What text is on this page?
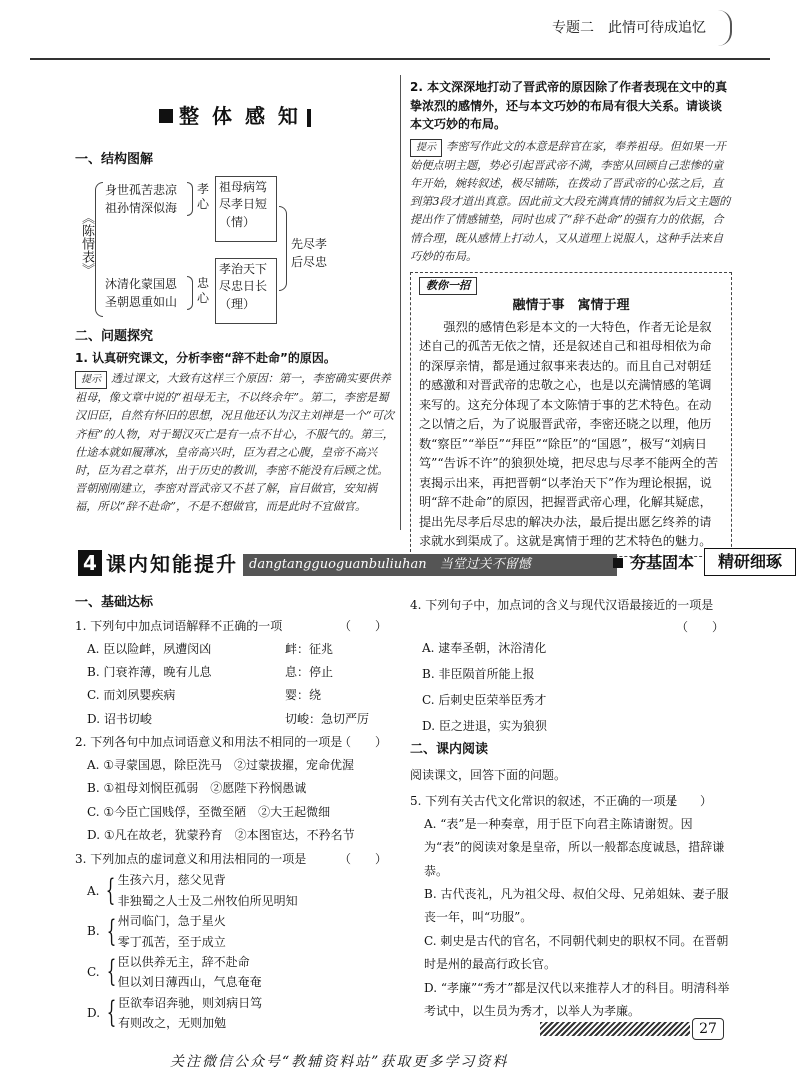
专题二　此情可待成追忆
整 体 感 知
一、结构图解
《陈情表》
身世孤苦悲凉
祖孙情深似海
孝心
祖母病笃
尽孝日短
（情）
沐清化蒙国恩
圣朝恩重如山
忠心
孝治天下
尽忠日长
（理）
先尽孝
后尽忠
二、问题探究
1. 认真研究课文，分析李密“辞不赴命”的原因。
提示 透过课文，大致有这样三个原因：第一，李密确实要供养祖母，像文章中说的“祖母无主，不以终余年”。第二，李密是蜀汉旧臣，自然有怀旧的思想，况且他还认为汉主刘禅是一个“可次齐桓”的人物，对于蜀汉灭亡是有一点不甘心，不服气的。第三，仕途本就如履薄冰，皇帝高兴时，臣为君之心腹，皇帝不高兴时，臣为君之草芥，出于历史的教训，李密不能没有后顾之忧。晋朝刚刚建立，李密对晋武帝又不甚了解，盲目做官，安知祸福，所以“辞不赴命”，不是不想做官，而是此时不宜做官。
2. 本文深深地打动了晋武帝的原因除了作者表现在文中的真挚浓烈的感情外，还与本文巧妙的布局有很大关系。请谈谈本文巧妙的布局。
提示 李密写作此文的本意是辞官在家，奉养祖母。但如果一开始便点明主题，势必引起晋武帝不满，李密从回顾自己悲惨的童年开始，婉转叙述，极尽铺陈，在拨动了晋武帝的心弦之后，直到第3段才道出真意。因此前文大段充满真情的铺叙为后文主题的提出作了情感铺垫，同时也成了“辞不赴命”的强有力的依据，合情合理，既从感情上打动人，又从道理上说服人，这种手法来自巧妙的布局。
教你一招
融情于事　寓情于理

强烈的感情色彩是本文的一大特色，作者无论是叙述自己的孤苦无依之情，还是叙述自己和祖母相依为命的深厚亲情，都是通过叙事来表达的。而且自己对朝廷的感激和对晋武帝的忠敬之心，也是以充满情感的笔调来写的。这充分体现了本文陈情于事的艺术特色。在动之以情之后，为了说服晋武帝，李密还晓之以理，他历数“察臣”“举臣”“拜臣”“除臣”的“国恩”，极写“刘病日笃”“告诉不许”的狼狈处境，把尽忠与尽孝不能两全的苦衷揭示出来，再把晋朝“以孝治天下”作为理论根据，说明“辞不赴命”的原因，把握晋武帝心理，化解其疑虑，提出先尽孝后尽忠的解决办法，最后提出愿乞终养的请求就水到渠成了。这就是寓情于理的艺术特色的魅力。

4 课内知能提升 dangtangguoguanbuliuhan　 当堂过关不留憾	夯基固本	精研细琢
一、基础达标
1. 下列句中加点词语解释不正确的一项	（　　）
A. 臣以险衅，夙遭闵凶	衅：征兆
B. 门衰祚薄，晚有儿息	息：停止
C. 而刘夙婴疾病	婴：绕
D. 诏书切峻	切峻：急切严厉
2. 下列各句中加点词语意义和用法不相同的一项是
（　　）
A. ①寻蒙国恩，除臣洗马　②过蒙拔擢，宠命优渥
B. ①祖母刘悯臣孤弱　②愿陛下矜悯愚诚
C. ①今臣亡国贱俘，至微至陋　②大王起微细
D. ①凡在故老，犹蒙矜育　②本图宦达，不矜名节
3. 下列加点的虚词意义和用法相同的一项是	（　　）
A. { 生孩六月，慈父见背
非独蜀之人士及二州牧伯所见明知
B. { 州司临门，急于星火
零丁孤苦，至于成立
C. { 臣以供养无主，辞不赴命
但以刘日薄西山，气息奄奄
D. { 臣欲奉诏奔驰，则刘病日笃
有则改之，无则加勉
4. 下列句子中，加点词的含义与现代汉语最接近的一项是
（　　）
A. 逮奉圣朝，沐浴清化
B. 非臣陨首所能上报
C. 后刺史臣荣举臣秀才
D. 臣之进退，实为狼狈
二、课内阅读
阅读课文，回答下面的问题。
5. 下列有关古代文化常识的叙述，不正确的一项是
（　　）
A. “表”是一种奏章，用于臣下向君主陈请谢贺。因为“表”的阅读对象是皇帝，所以一般都态度诚恳，措辞谦恭。
B. 古代丧礼，凡为祖父母、叔伯父母、兄弟姐妹、妻子服丧一年，叫“功服”。
C. 刺史是古代的官名，不同朝代刺史的职权不同。在晋朝时是州的最高行政长官。
D. “孝廉”“秀才”都是汉代以来推荐人才的科目。明清科举考试中，以生员为秀才，以举人为孝廉。
27
关注微信公众号“教辅资料站”获取更多学习资料
